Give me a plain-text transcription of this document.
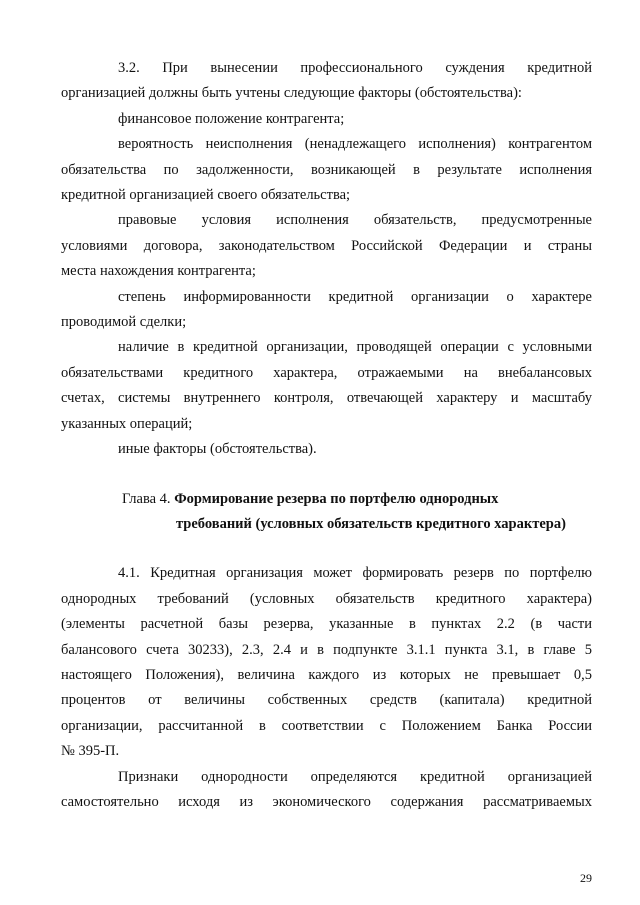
3.2. При вынесении профессионального суждения кредитной
организацией должны быть учтены следующие факторы (обстоятельства):
финансовое положение контрагента;
вероятность неисполнения (ненадлежащего исполнения) контрагентом
обязательства по задолженности, возникающей в результате исполнения
кредитной организацией своего обязательства;
правовые условия исполнения обязательств, предусмотренные
условиями договора, законодательством Российской Федерации и страны
места нахождения контрагента;
степень информированности кредитной организации о характере
проводимой сделки;
наличие в кредитной организации, проводящей операции с условными
обязательствами кредитного характера, отражаемыми на внебалансовых
счетах, системы внутреннего контроля, отвечающей характеру и масштабу
указанных операций;
иные факторы (обстоятельства).
Глава 4. Формирование резерва по портфелю однородных
требований (условных обязательств кредитного характера)
4.1. Кредитная организация может формировать резерв по портфелю
однородных требований (условных обязательств кредитного характера)
(элементы расчетной базы резерва, указанные в пунктах 2.2 (в части
балансового счета 30233), 2.3, 2.4 и в подпункте 3.1.1 пункта 3.1, в главе 5
настоящего Положения), величина каждого из которых не превышает 0,5
процентов от величины собственных средств (капитала) кредитной
организации, рассчитанной в соответствии с Положением Банка России
№ 395-П.
Признаки однородности определяются кредитной организацией
самостоятельно исходя из экономического содержания рассматриваемых
29
